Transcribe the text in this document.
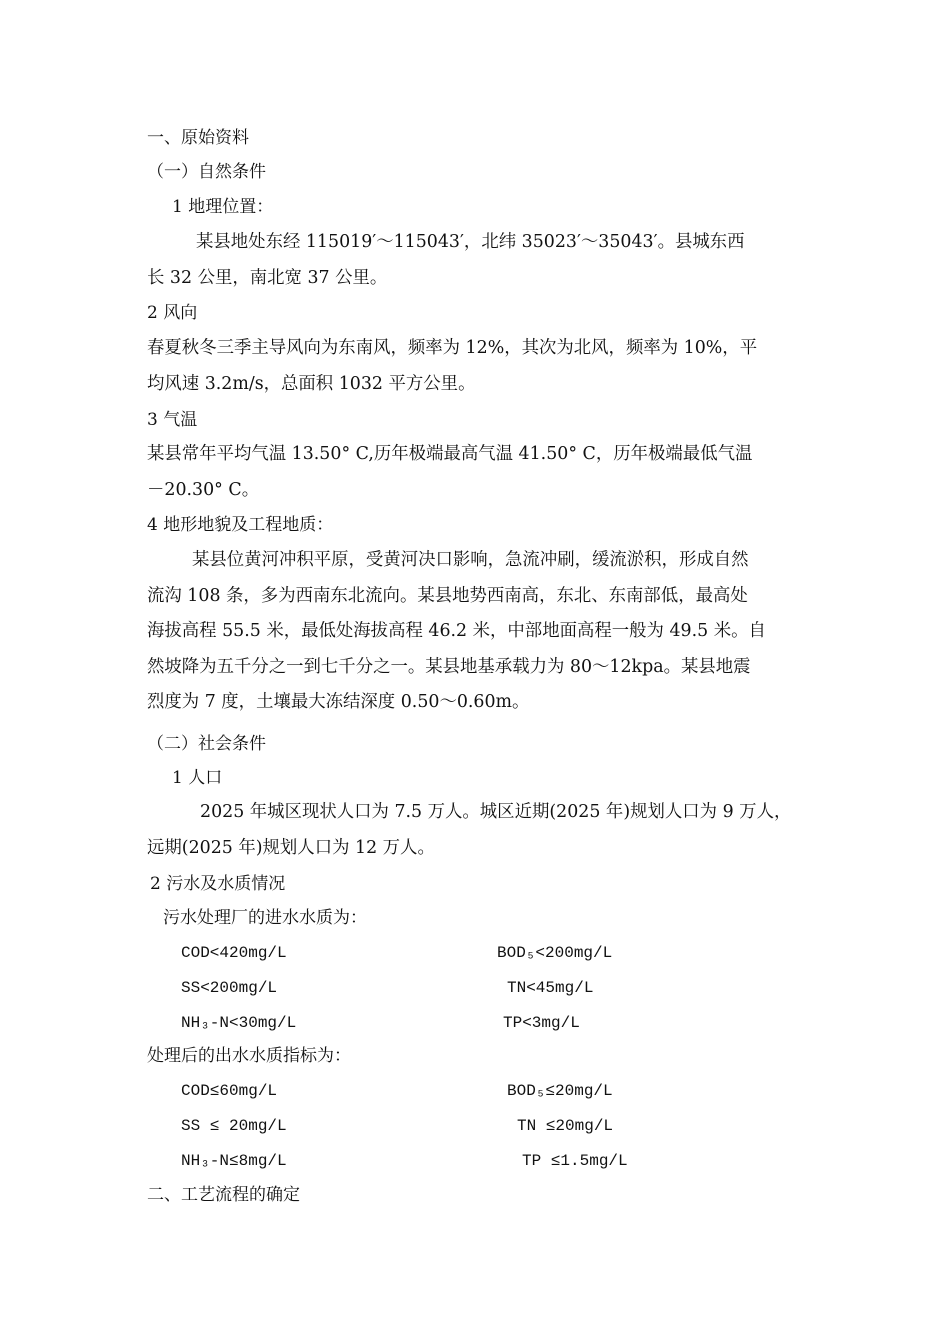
一、原始资料
（一）自然条件
1 地理位置：
某县地处东经 115019′～115043′，北纬 35023′～35043′。县城东西
长 32 公里，南北宽 37 公里。
2 风向
春夏秋冬三季主导风向为东南风，频率为 12%，其次为北风，频率为 10%，平
均风速 3.2m/s，总面积 1032 平方公里。
3 气温
某县常年平均气温 13.50° C,历年极端最高气温 41.50° C，历年极端最低气温
－20.30° C。
4 地形地貌及工程地质：
某县位黄河冲积平原，受黄河决口影响，急流冲刷，缓流淤积，形成自然
流沟 108 条，多为西南东北流向。某县地势西南高，东北、东南部低，最高处
海拔高程 55.5 米，最低处海拔高程 46.2 米，中部地面高程一般为 49.5 米。自
然坡降为五千分之一到七千分之一。某县地基承载力为 80～12kpa。某县地震
烈度为 7 度，土壤最大冻结深度 0.50～0.60m。
（二）社会条件
1 人口
2025 年城区现状人口为 7.5 万人。城区近期(2025 年)规划人口为 9 万人，
远期(2025 年)规划人口为 12 万人。
2 污水及水质情况
污水处理厂的进水水质为：
COD<420mg/L	BOD₅<200mg/L
SS<200mg/L	TN<45mg/L
NH₃-N<30mg/L	TP<3mg/L
处理后的出水水质指标为：
COD≤60mg/L	BOD₅≤20mg/L
SS ≤ 20mg/L	TN ≤20mg/L
NH₃-N≤8mg/L	TP ≤1.5mg/L
二、工艺流程的确定
